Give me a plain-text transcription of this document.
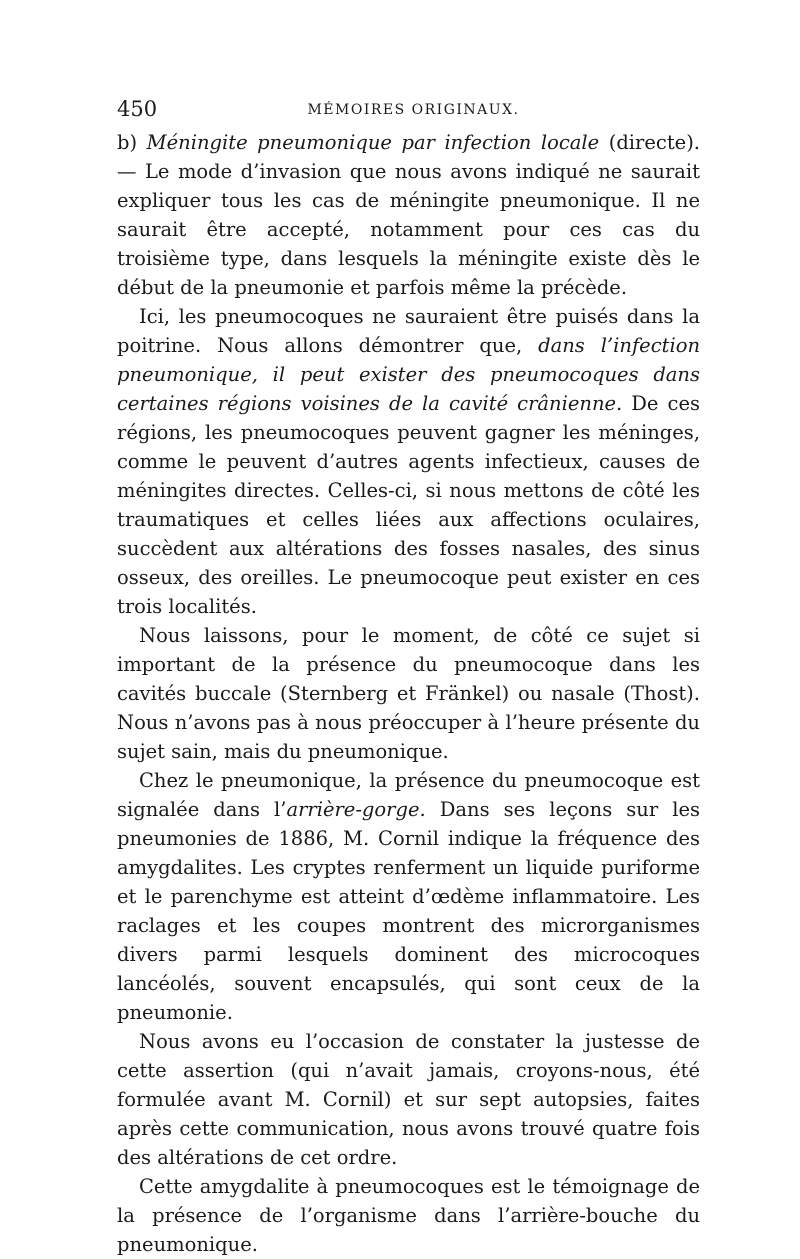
450	MÉMOIRES ORIGINAUX.

b) Méningite pneumonique par infection locale (directe). — Le mode d’invasion que nous avons indiqué ne saurait expliquer tous les cas de méningite pneumonique. Il ne saurait être accepté, notamment pour ces cas du troisième type, dans lesquels la méningite existe dès le début de la pneumonie et parfois même la précède.

Ici, les pneumocoques ne sauraient être puisés dans la poitrine. Nous allons démontrer que, dans l’infection pneumonique, il peut exister des pneumocoques dans certaines régions voisines de la cavité crânienne. De ces régions, les pneumocoques peuvent gagner les méninges, comme le peuvent d’autres agents infectieux, causes de méningites directes. Celles-ci, si nous mettons de côté les traumatiques et celles liées aux affections oculaires, succèdent aux altérations des fosses nasales, des sinus osseux, des oreilles. Le pneumocoque peut exister en ces trois localités.

Nous laissons, pour le moment, de côté ce sujet si important de la présence du pneumocoque dans les cavités buccale (Sternberg et Fränkel) ou nasale (Thost). Nous n’avons pas à nous préoccuper à l’heure présente du sujet sain, mais du pneumonique.

Chez le pneumonique, la présence du pneumocoque est signalée dans l’arrière-gorge. Dans ses leçons sur les pneumonies de 1886, M. Cornil indique la fréquence des amygdalites. Les cryptes renferment un liquide puriforme et le parenchyme est atteint d’œdème inflammatoire. Les raclages et les coupes montrent des microrganismes divers parmi lesquels dominent des microcoques lancéolés, souvent encapsulés, qui sont ceux de la pneumonie.

Nous avons eu l’occasion de constater la justesse de cette assertion (qui n’avait jamais, croyons-nous, été formulée avant M. Cornil) et sur sept autopsies, faites après cette communication, nous avons trouvé quatre fois des altérations de cet ordre.

Cette amygdalite à pneumocoques est le témoignage de la présence de l’organisme dans l’arrière-bouche du pneumonique.
